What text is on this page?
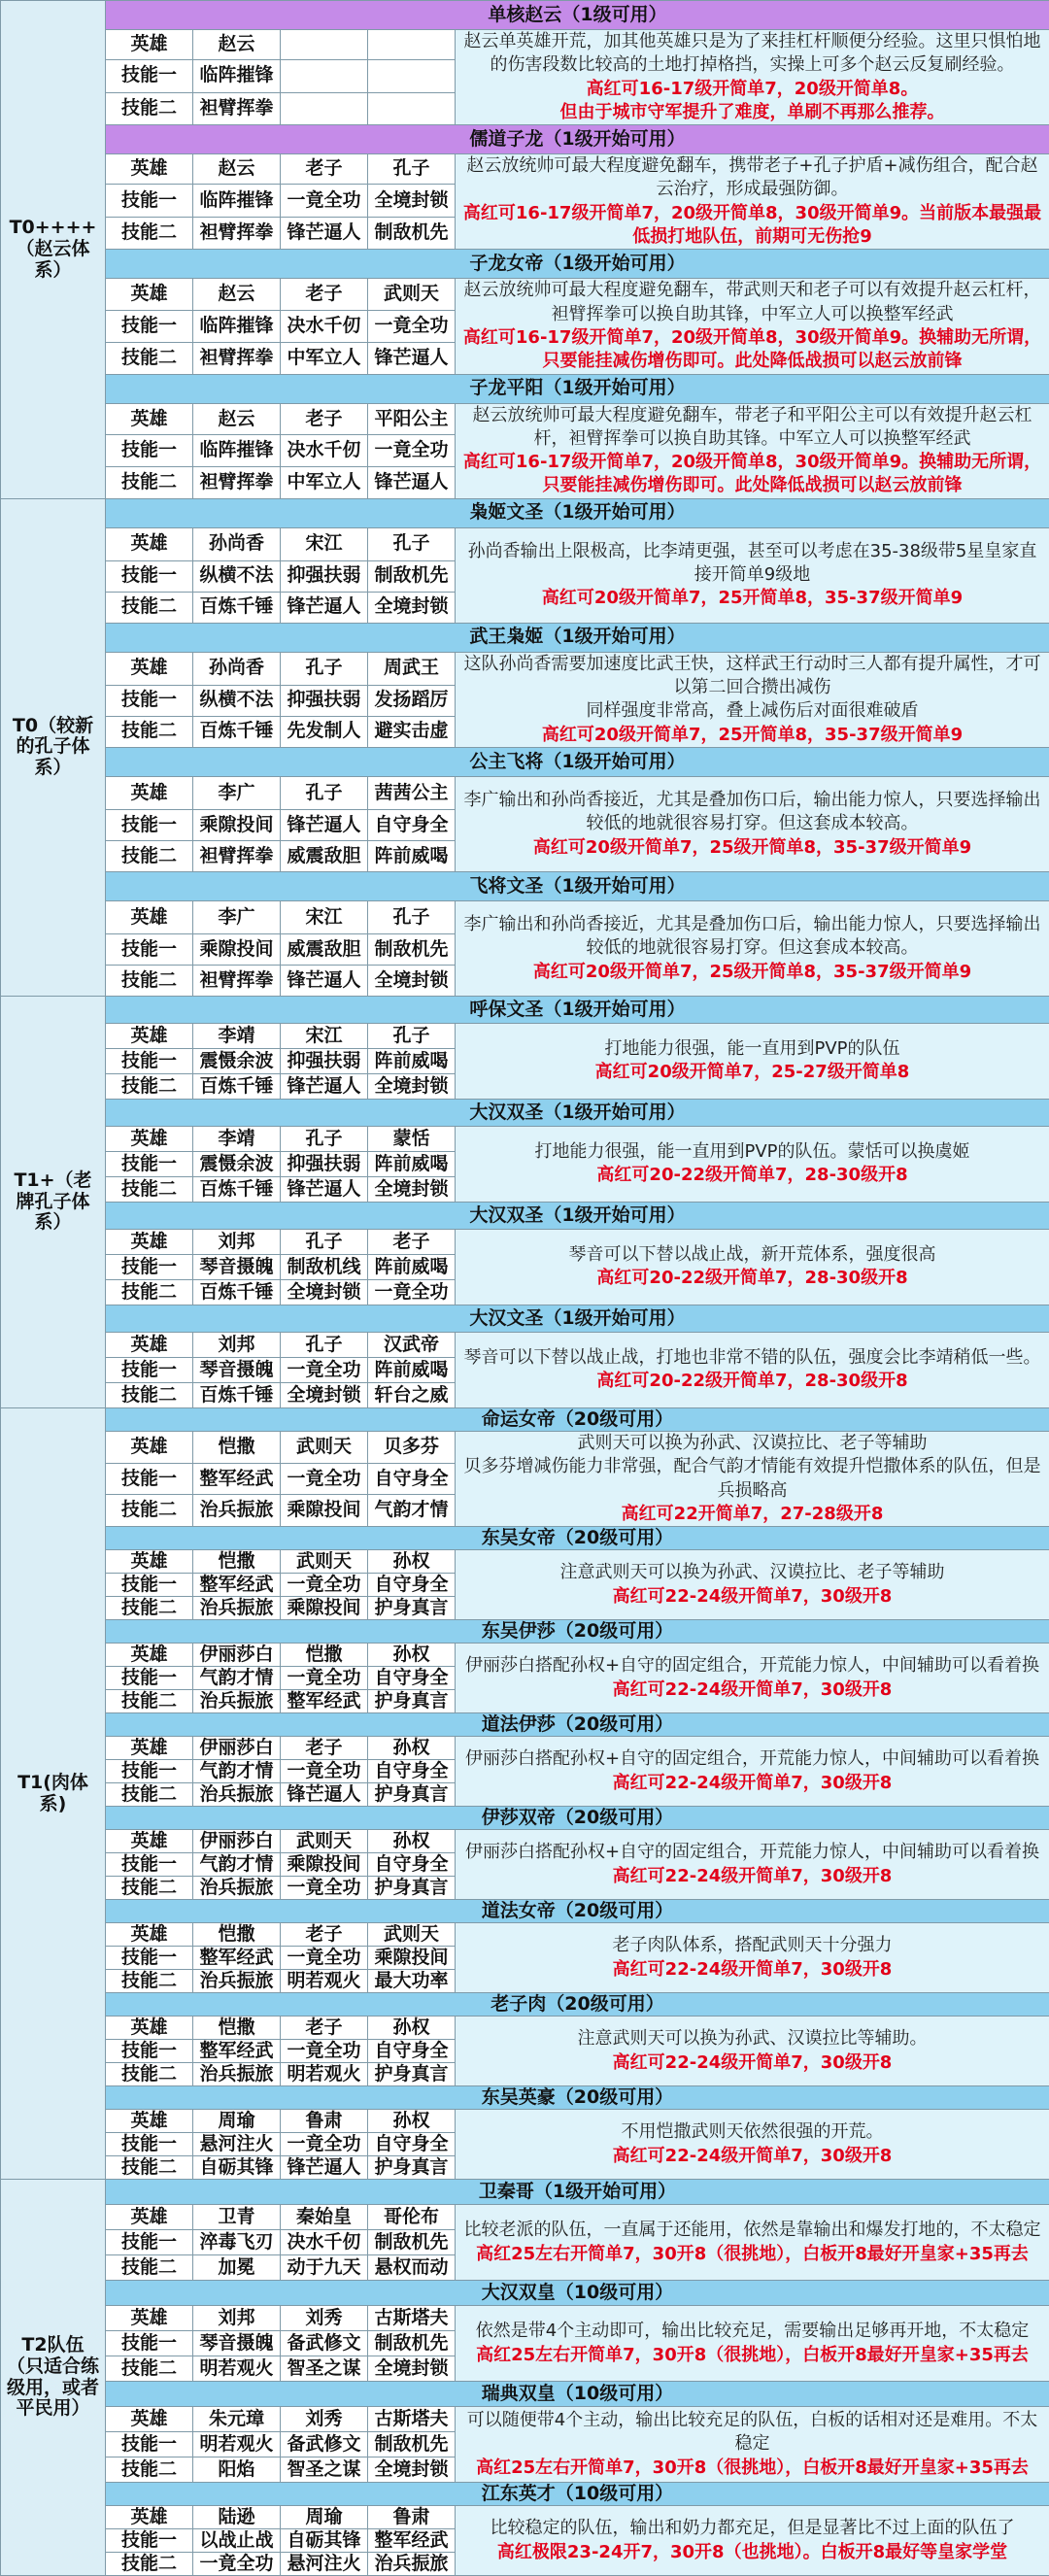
T0++++（赵云体系）	单核赵云（1级可用）				
	英雄	赵云			赵云单英雄开荒，加其他英雄只是为了来挂杠杆顺便分经验。这里只惧怕地的伤害段数比较高的土地打掉格挡，实操上可多个赵云反复刷经验。
高红可16-17级开简单7，20级开简单8。
但由于城市守军提升了难度，单刷不再那么推荐。

	技能一	临阵摧锋			
	技能二	袒臂挥拳			
	儒道子龙（1级开始可用）				
	英雄	赵云	老子	孔子	赵云放统帅可最大程度避免翻车，携带老子+孔子护盾+减伤组合，配合赵云治疗，形成最强防御。
高红可16-17级开简单7，20级开简单8，30级开简单9。当前版本最强最低损打地队伍，前期可无伤抢9

	技能一	临阵摧锋	一竟全功	全境封锁	
	技能二	袒臂挥拳	锋芒逼人	制敌机先	
	子龙女帝（1级开始可用）				
	英雄	赵云	老子	武则天	赵云放统帅可最大程度避免翻车，带武则天和老子可以有效提升赵云杠杆，袒臂挥拳可以换自助其锋，中军立人可以换整军经武
高红可16-17级开简单7，20级开简单8，30级开简单9。换辅助无所谓，只要能挂减伤增伤即可。此处降低战损可以赵云放前锋

	技能一	临阵摧锋	决水千仞	一竟全功	
	技能二	袒臂挥拳	中军立人	锋芒逼人	
	子龙平阳（1级开始可用）				
	英雄	赵云	老子	平阳公主	赵云放统帅可最大程度避免翻车，带老子和平阳公主可以有效提升赵云杠杆，袒臂挥拳可以换自助其锋。中军立人可以换整军经武
高红可16-17级开简单7，20级开简单8，30级开简单9。换辅助无所谓，只要能挂减伤增伤即可。此处降低战损可以赵云放前锋

	技能一	临阵摧锋	决水千仞	一竟全功	
	技能二	袒臂挥拳	中军立人	锋芒逼人	
T0（较新的孔子体系）	枭姬文圣（1级开始可用）				
	英雄	孙尚香	宋江	孔子	孙尚香输出上限极高，比李靖更强，甚至可以考虑在35-38级带5星皇家直接开简单9级地
高红可20级开简单7，25开简单8，35-37级开简单9

	技能一	纵横不法	抑强扶弱	制敌机先	
	技能二	百炼千锤	锋芒逼人	全境封锁	
	武王枭姬（1级开始可用）				
	英雄	孙尚香	孔子	周武王	这队孙尚香需要加速度比武王快，这样武王行动时三人都有提升属性，才可以第二回合攒出减伤
同样强度非常高，叠上减伤后对面很难破盾
高红可20级开简单7，25开简单8，35-37级开简单9

	技能一	纵横不法	抑强扶弱	发扬蹈厉	
	技能二	百炼千锤	先发制人	避实击虚	
	公主飞将（1级开始可用）				
	英雄	李广	孔子	茜茜公主	李广输出和孙尚香接近，尤其是叠加伤口后，输出能力惊人，只要选择输出较低的地就很容易打穿。但这套成本较高。
高红可20级开简单7，25级开简单8，35-37级开简单9

	技能一	乘隙投间	锋芒逼人	自守身全	
	技能二	袒臂挥拳	威震敌胆	阵前威喝	
	飞将文圣（1级开始可用）				
	英雄	李广	宋江	孔子	李广输出和孙尚香接近，尤其是叠加伤口后，输出能力惊人，只要选择输出较低的地就很容易打穿。但这套成本较高。
高红可20级开简单7，25级开简单8，35-37级开简单9

	技能一	乘隙投间	威震敌胆	制敌机先	
	技能二	袒臂挥拳	锋芒逼人	全境封锁	
T1+（老牌孔子体系）	呼保文圣（1级开始可用）				
	英雄	李靖	宋江	孔子	打地能力很强，能一直用到PVP的队伍
高红可20级开简单7，25-27级开简单8

	技能一	震慑余波	抑强扶弱	阵前威喝	
	技能二	百炼千锤	锋芒逼人	全境封锁	
	大汉双圣（1级开始可用）				
	英雄	李靖	孔子	蒙恬	打地能力很强，能一直用到PVP的队伍。蒙恬可以换虞姬
高红可20-22级开简单7，28-30级开8

	技能一	震慑余波	抑强扶弱	阵前威喝	
	技能二	百炼千锤	锋芒逼人	全境封锁	
	大汉双圣（1级开始可用）				
	英雄	刘邦	孔子	老子	琴音可以下替以战止战，新开荒体系，强度很高
高红可20-22级开简单7，28-30级开8

	技能一	琴音摄魄	制敌机线	阵前威喝	
	技能二	百炼千锤	全境封锁	一竟全功	
	大汉文圣（1级开始可用）				
	英雄	刘邦	孔子	汉武帝	琴音可以下替以战止战，打地也非常不错的队伍，强度会比李靖稍低一些。
高红可20-22级开简单7，28-30级开8

	技能一	琴音摄魄	一竟全功	阵前威喝	
	技能二	百炼千锤	全境封锁	轩台之威	
T1(肉体系)	命运女帝（20级可用）				
	英雄	恺撒	武则天	贝多芬	武则天可以换为孙武、汉谟拉比、老子等辅助
贝多芬增减伤能力非常强，配合气韵才情能有效提升恺撒体系的队伍，但是兵损略高
高红可22开简单7，27-28级开8

	技能一	整军经武	一竟全功	自守身全	
	技能二	治兵振旅	乘隙投间	气韵才情	
	东吴女帝（20级可用）				
	英雄	恺撒	武则天	孙权	注意武则天可以换为孙武、汉谟拉比、老子等辅助
高红可22-24级开简单7，30级开8

	技能一	整军经武	一竟全功	自守身全	
	技能二	治兵振旅	乘隙投间	护身真言	
	东吴伊莎（20级可用）				
	英雄	伊丽莎白	恺撒	孙权	伊丽莎白搭配孙权+自守的固定组合，开荒能力惊人，中间辅助可以看着换
高红可22-24级开简单7，30级开8

	技能一	气韵才情	一竟全功	自守身全	
	技能二	治兵振旅	整军经武	护身真言	
	道法伊莎（20级可用）				
	英雄	伊丽莎白	老子	孙权	伊丽莎白搭配孙权+自守的固定组合，开荒能力惊人，中间辅助可以看着换
高红可22-24级开简单7，30级开8

	技能一	气韵才情	一竟全功	自守身全	
	技能二	治兵振旅	锋芒逼人	护身真言	
	伊莎双帝（20级可用）				
	英雄	伊丽莎白	武则天	孙权	伊丽莎白搭配孙权+自守的固定组合，开荒能力惊人，中间辅助可以看着换
高红可22-24级开简单7，30级开8

	技能一	气韵才情	乘隙投间	自守身全	
	技能二	治兵振旅	一竟全功	护身真言	
	道法女帝（20级可用）				
	英雄	恺撒	老子	武则天	老子肉队体系，搭配武则天十分强力
高红可22-24级开简单7，30级开8

	技能一	整军经武	一竟全功	乘隙投间	
	技能二	治兵振旅	明若观火	最大功率	
	老子肉（20级可用）				
	英雄	恺撒	老子	孙权	注意武则天可以换为孙武、汉谟拉比等辅助。
高红可22-24级开简单7，30级开8

	技能一	整军经武	一竟全功	自守身全	
	技能二	治兵振旅	明若观火	护身真言	
	东吴英豪（20级可用）				
	英雄	周瑜	鲁肃	孙权	不用恺撒武则天依然很强的开荒。
高红可22-24级开简单7，30级开8

	技能一	悬河注火	一竟全功	自守身全	
	技能二	自砺其锋	锋芒逼人	护身真言	
T2队伍（只适合练级用，或者平民用）	卫秦哥（1级开始可用）				
	英雄	卫青	秦始皇	哥伦布	比较老派的队伍，一直属于还能用，依然是靠输出和爆发打地的，不太稳定
高红25左右开简单7，30开8（很挑地），白板开8最好开皇家+35再去

	技能一	淬毒飞刃	决水千仞	制敌机先	
	技能二	加冕	动于九天	悬权而动	
	大汉双皇（10级可用）				
	英雄	刘邦	刘秀	古斯塔夫	依然是带4个主动即可，输出比较充足，需要输出足够再开地，不太稳定
高红25左右开简单7，30开8（很挑地），白板开8最好开皇家+35再去

	技能一	琴音摄魄	备武修文	制敌机先	
	技能二	明若观火	智圣之谋	全境封锁	
	瑞典双皇（10级可用）				
	英雄	朱元璋	刘秀	古斯塔夫	可以随便带4个主动，输出比较充足的队伍，白板的话相对还是难用。不太稳定
高红25左右开简单7，30开8（很挑地），白板开8最好开皇家+35再去

	技能一	明若观火	备武修文	制敌机先	
	技能二	阳焰	智圣之谋	全境封锁	
	江东英才（10级可用）				
	英雄	陆逊	周瑜	鲁肃	比较稳定的队伍，输出和奶力都充足，但是显著比不过上面的队伍了
高红极限23-24开7，30开8（也挑地）。白板开8最好等皇家学堂

	技能一	以战止战	自砺其锋	整军经武	
	技能二	一竟全功	悬河注火	治兵振旅	
